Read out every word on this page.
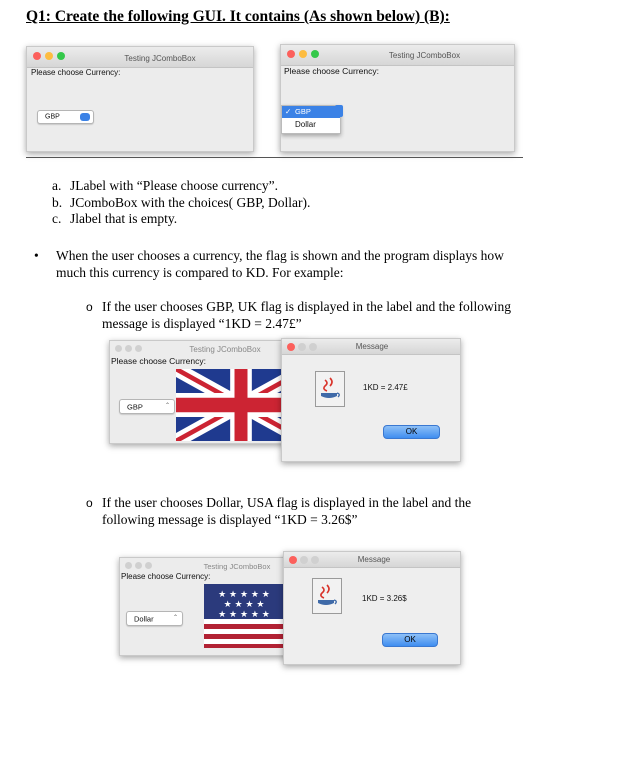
Q1: Create the following GUI. It contains (As shown below) (B):
Testing JComboBox
Please choose Currency:
GBP
Testing JComboBox
Please choose Currency:
✓ GBP
Dollar
a. JLabel with “Please choose currency”.
b. JComboBox with the choices( GBP, Dollar).
c. Jlabel that is empty.
• When the user chooses a currency, the flag is shown and the program displays how
much this currency is compared to KD. For example:
o If the user chooses GBP, UK flag is displayed in the label and the following
message is displayed “1KD = 2.47£”
Testing JComboBox
Please choose Currency:
GBP	⌃
Message
1KD = 2.47£
OK
o If the user chooses Dollar, USA flag is displayed in the label and the
following message is displayed “1KD = 3.26$”
Testing JComboBox
Please choose Currency:
Dollar	⌃
★ ★ ★ ★ ★
★ ★ ★ ★
★ ★ ★ ★ ★
Message
1KD = 3.26$
OK
